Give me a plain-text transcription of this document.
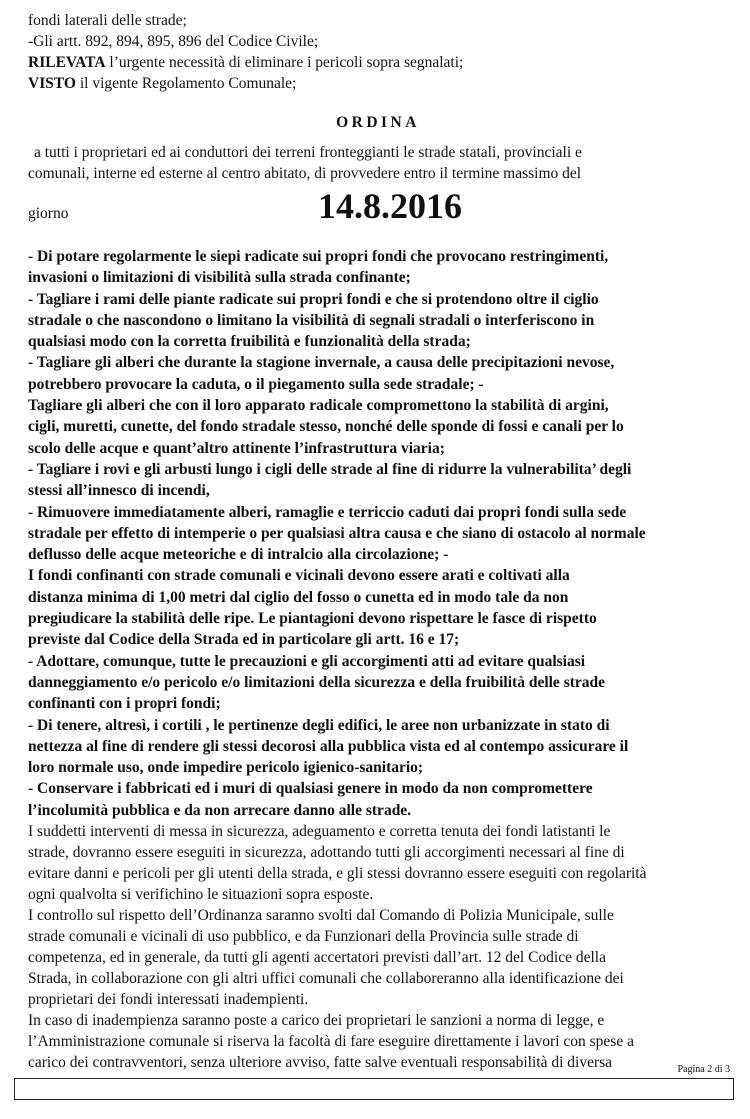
fondi laterali delle strade;
-Gli artt. 892, 894, 895, 896 del Codice Civile;
RILEVATA l’urgente necessità di eliminare i pericoli sopra segnalati;
VISTO il vigente Regolamento Comunale;
ORDINA
a tutti i proprietari ed ai conduttori dei terreni fronteggianti le strade statali, provinciali e
comunali, interne ed esterne al centro abitato, di provvedere entro il termine massimo del
giorno	14.8.2016
- Di potare regolarmente le siepi radicate sui propri fondi che provocano restringimenti,
invasioni o limitazioni di visibilità sulla strada confinante;
- Tagliare i rami delle piante radicate sui propri fondi e che si protendono oltre il ciglio
stradale o che nascondono o limitano la visibilità di segnali stradali o interferiscono in
qualsiasi modo con la corretta fruibilità e funzionalità della strada;
- Tagliare gli alberi che durante la stagione invernale, a causa delle precipitazioni nevose,
potrebbero provocare la caduta, o il piegamento sulla sede stradale; -
Tagliare gli alberi che con il loro apparato radicale compromettono la stabilità di argini,
cigli, muretti, cunette, del fondo stradale stesso, nonché delle sponde di fossi e canali per lo
scolo delle acque e quant’altro attinente l’infrastruttura viaria;
- Tagliare i rovi e gli arbusti lungo i cigli delle strade al fine di ridurre la vulnerabilita’ degli
stessi all’innesco di incendi,
- Rimuovere immediatamente alberi, ramaglie e terriccio caduti dai propri fondi sulla sede
stradale per effetto di intemperie o per qualsiasi altra causa e che siano di ostacolo al normale
deflusso delle acque meteoriche e di intralcio alla circolazione; -
I fondi confinanti con strade comunali e vicinali devono essere arati e coltivati alla
distanza minima di 1,00 metri dal ciglio del fosso o cunetta ed in modo tale da non
pregiudicare la stabilità delle ripe. Le piantagioni devono rispettare le fasce di rispetto
previste dal Codice della Strada ed in particolare gli artt. 16 e 17;
- Adottare, comunque, tutte le precauzioni e gli accorgimenti atti ad evitare qualsiasi
danneggiamento e/o pericolo e/o limitazioni della sicurezza e della fruibilità delle strade
confinanti con i propri fondi;
- Di tenere, altresì, i cortili , le pertinenze degli edifici, le aree non urbanizzate in stato di
nettezza al fine di rendere gli stessi decorosi alla pubblica vista ed al contempo assicurare il
loro normale uso, onde impedire pericolo igienico-sanitario;
- Conservare i fabbricati ed i muri di qualsiasi genere in modo da non compromettere
l’incolumità pubblica e da non arrecare danno alle strade.
I suddetti interventi di messa in sicurezza, adeguamento e corretta tenuta dei fondi latistanti le
strade, dovranno essere eseguiti in sicurezza, adottando tutti gli accorgimenti necessari al fine di
evitare danni e pericoli per gli utenti della strada, e gli stessi dovranno essere eseguiti con regolarità
ogni qualvolta si verifichino le situazioni sopra esposte.
I controllo sul rispetto dell’Ordinanza saranno svolti dal Comando di Polizia Municipale, sulle
strade comunali e vicinali di uso pubblico, e da Funzionari della Provincia sulle strade di
competenza, ed in generale, da tutti gli agenti accertatori previsti dall’art. 12 del Codice della
Strada, in collaborazione con gli altri uffici comunali che collaboreranno alla identificazione dei
proprietari dei fondi interessati inadempienti.
In caso di inadempienza saranno poste a carico dei proprietari le sanzioni a norma di legge, e
l’Amministrazione comunale si riserva la facoltà di fare eseguire direttamente i lavori con spese a
carico dei contravventori, senza ulteriore avviso, fatte salve eventuali responsabilità di diversa	Pagina 2 di 3
